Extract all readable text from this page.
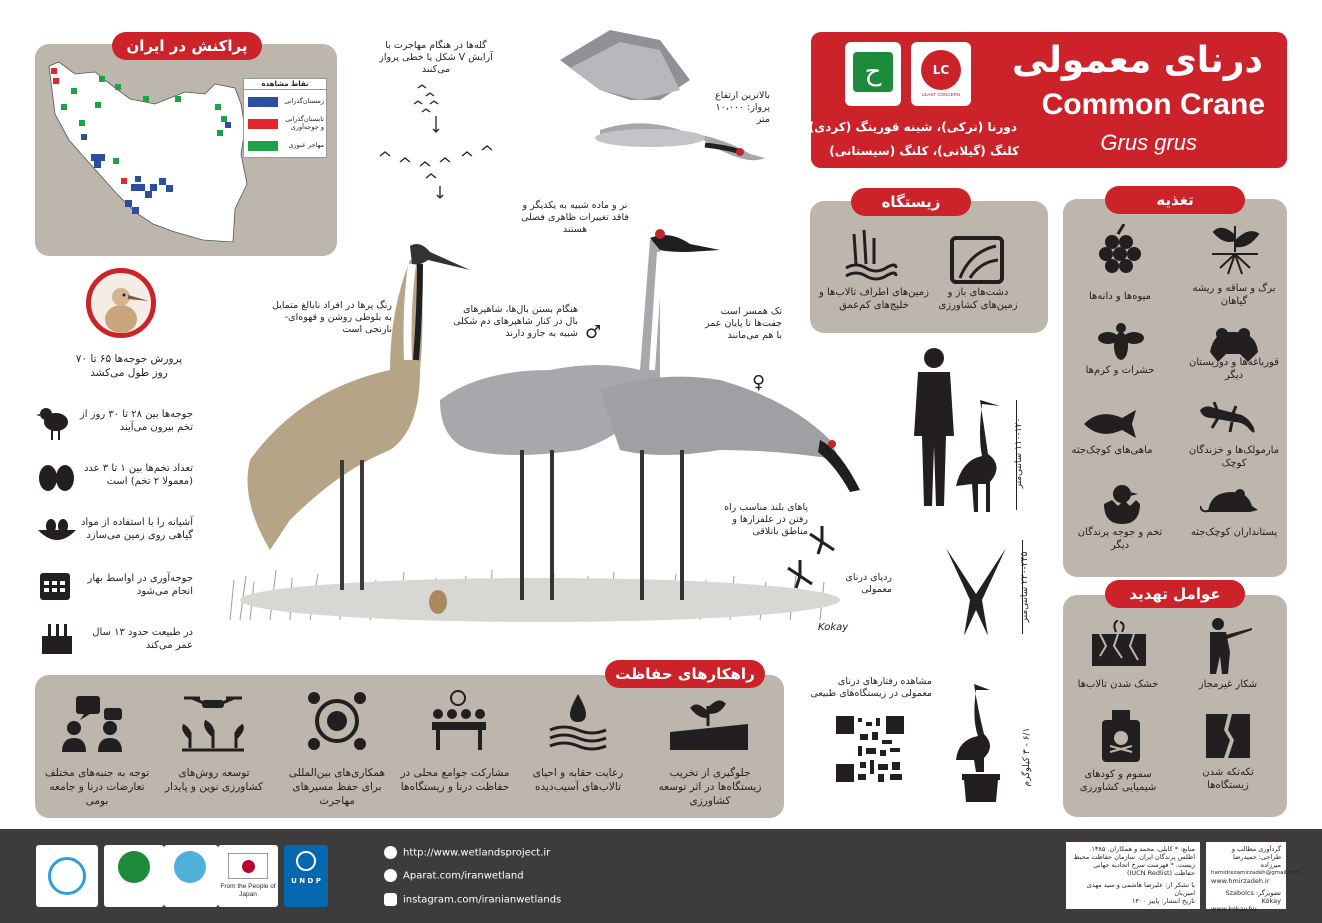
درنای معمولی
Common Crane
Grus grus
دورنا (ترکی)، شینه قورینگ (کردی)،
کلنگ (گیلانی)، کلنگ (سیستانی)
ح	LC
LEAST CONCERN
نقاط مشاهده
زمستان‌گذرانی
تابستان‌گذرانی و جوجه‌آوری
مهاجر عبوری
پراکنش در ایران
پرورش جوجه‌ها ۶۵ تا ۷۰ روز طول می‌کشد
جوجه‌ها بین ۲۸ تا ۳۰ روز از تخم بیرون می‌آیند
تعداد تخم‌ها بین ۱ تا ۳ عدد (معمولا ۲ تخم) است
آشیانه را با استفاده از مواد گیاهی روی زمین می‌سازد
جوجه‌آوری در اواسط بهار انجام می‌شود
در طبیعت حدود ۱۳ سال عمر می‌کند
گله‌ها در هنگام مهاجرت با آرایش V شکل یا خطی پرواز می‌کنند
بالاترین ارتفاع پرواز: ۱۰،۰۰۰ متر
نر و ماده شبیه به یکدیگر و فاقد تغییرات ظاهری فصلی هستند
رنگ پرها در افراد نابالغ متمایل به بلوطی روشن و قهوه‌ای-نارنجی است
هنگام بستن بال‌ها، شاهپرهای بال در کنار شاهپرهای دم شکلی شبیه به جارو دارند
تک همسر است جفت‌ها تا پایان عمر با هم می‌مانند
♂
♀
پاهای بلند مناسب راه رفتن در علفزارها و مناطق باتلاقی
Kokay
ردپای درنای معمولی
۱۱۰-۱۲۰ سانتی‌متر
۲۲۰-۲۴۵ سانتی‌متر
۶/۱ - ۳ کیلوگرم
مشاهده رفتارهای درنای معمولی در زیستگاه‌های طبیعی
زیستگاه
دشت‌های باز و زمین‌های کشاورزی
زمین‌های اطراف تالاب‌ها و خلیج‌های کم‌عمق
تغذیه
برگ و ساقه و ریشه گیاهان
میوه‌ها و دانه‌ها
قورباغه‌ها و دوزیستان دیگر
حشرات و کرم‌ها
مارمولک‌ها و خزندگان کوچک
ماهی‌های کوچک‌جثه
پستانداران کوچک‌جثه
تخم و جوجه پرندگان دیگر
عوامل تهدید
شکار غیرمجاز
خشک شدن تالاب‌ها
تکه‌تکه شدن زیستگاه‌ها
سموم و کودهای شیمیایی کشاورزی
راهکارهای حفاظت
جلوگیری از تخریب زیستگاه‌ها در اثر توسعه کشاورزی
رعایت حقابه و احیای تالاب‌های آسیب‌دیده
مشارکت جوامع محلی در حفاظت درنا و زیستگاه‌ها
همکاری‌های بین‌المللی برای حفظ مسیرهای مهاجرت
توسعه روش‌های کشاورزی نوین و پایدار
توجه به جنبه‌های مختلف تعارضات درنا و جامعه بومی
From the People of Japan
U N D P
http://www.wetlandsproject.ir
Aparat.com/iranwetland
instagram.com/iranianwetlands
منابع: * کابلی، محمد و همکاران. ۱۳۸۵. اطلس پرندگان ایران. سازمان حفاظت محیط زیست. * فهرست سرخ اتحادیه جهانی حفاظت (IUCN Redlist)
با تشکر از: علیرضا هاشمی و سید مهدی امین‌بان
تاریخ انتشار: پاییز ۱۴۰۰
گردآوری مطالب و طراحی: حمیدرضا میرزاده
hamidrezamirzadeh@gmail.com
www.hmirzadeh.ir
تصویرگر: Szabolcs Kókay
www.kokay.hu
